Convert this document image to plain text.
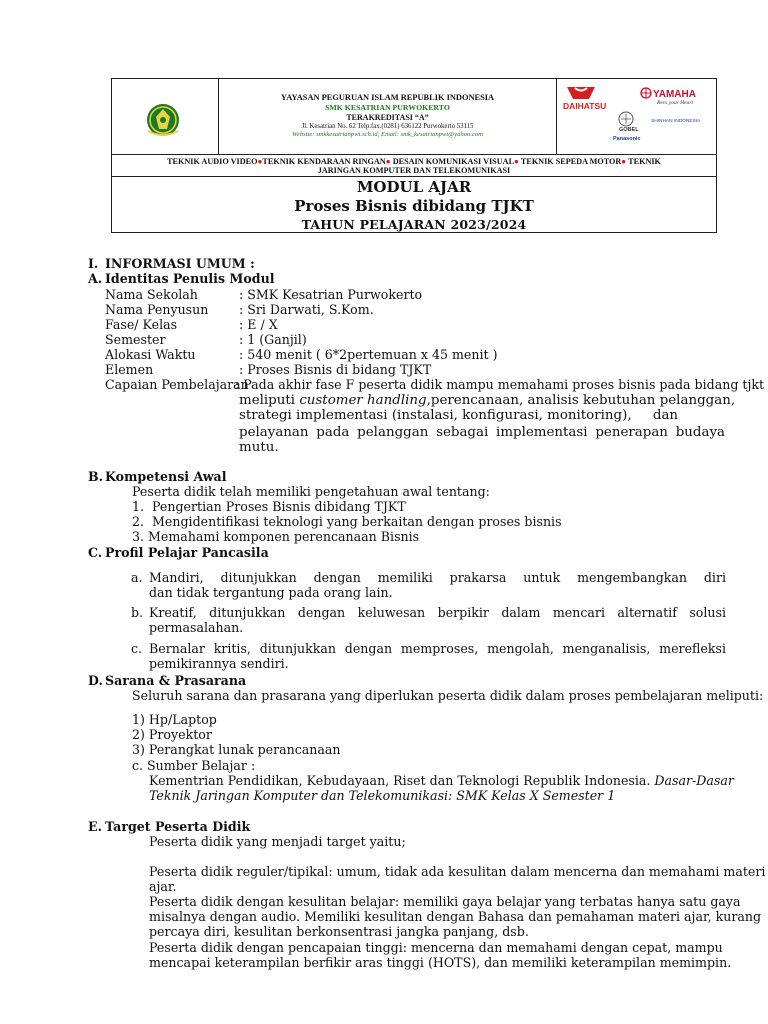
YAYASAN PEGURUAN ISLAM REPUBLIK INDONESIA
SMK KESATRIAN PURWOKERTO
TERAKREDITASI “A”
Jl. Kesatrian No. 62 Telp.fax.(0281) 636122 Purwokerto 53115
Website: smkkesatrianpwt.sch.id, Email: smk_kesatrianpwt@yahoo.com
DAIHATSU
YAMAHA
Revs your Heart
GOBEL
Panasonic
SHINHAN INDONESIA
TEKNIK AUDIO VIDEO●TEKNIK KENDARAAN RINGAN● DESAIN KOMUNIKASI VISUAL● TEKNIK SEPEDA MOTOR● TEKNIK
JARINGAN KOMPUTER DAN TELEKOMUNIKASI
MODUL AJAR
Proses Bisnis dibidang TJKT
TAHUN PELAJARAN 2023/2024
I. INFORMASI UMUM :
A. Identitas Penulis Modul
Nama Sekolah	: SMK Kesatrian Purwokerto
Nama Penyusun : Sri Darwati, S.Kom.
Fase/ Kelas	: E / X
Semester	: 1 (Ganjil)
Alokasi Waktu	: 540 menit ( 6*2pertemuan x 45 menit )
Elemen	: Proses Bisnis di bidang TJKT
Capaian Pembelajaran
: Pada akhir fase F peserta didik mampu memahami proses bisnis pada bidang tjkt
meliputi customer handling,perencanaan, analisis kebutuhan pelanggan,
strategi implementasi (instalasi, konfigurasi, monitoring),     dan
pelayanan pada pelanggan sebagai implementasi penerapan budaya
mutu.
B. Kompetensi Awal
Peserta didik telah memiliki pengetahuan awal tentang:
1.  Pengertian Proses Bisnis dibidang TJKT
2.  Mengidentifikasi teknologi yang berkaitan dengan proses bisnis
3. Memahami komponen perencanaan Bisnis
C. Profil Pelajar Pancasila
a. Mandiri, ditunjukkan dengan memiliki prakarsa untuk mengembangkan diri
dan tidak tergantung pada orang lain.
b. Kreatif, ditunjukkan dengan keluwesan berpikir dalam mencari alternatif solusi
permasalahan.
c. Bernalar kritis, ditunjukkan dengan memproses, mengolah, menganalisis, merefleksi
pemikirannya sendiri.
D. Sarana & Prasarana
Seluruh sarana dan prasarana yang diperlukan peserta didik dalam proses pembelajaran meliputi:
1) Hp/Laptop
2) Proyektor
3) Perangkat lunak perancanaan
c. Sumber Belajar :
Kementrian Pendidikan, Kebudayaan, Riset dan Teknologi Republik Indonesia. Dasar-Dasar
Teknik Jaringan Komputer dan Telekomunikasi: SMK Kelas X Semester 1
E. Target Peserta Didik
Peserta didik yang menjadi target yaitu;
Peserta didik reguler/tipikal: umum, tidak ada kesulitan dalam mencerna dan memahami materi
ajar.
Peserta didik dengan kesulitan belajar: memiliki gaya belajar yang terbatas hanya satu gaya
misalnya dengan audio. Memiliki kesulitan dengan Bahasa dan pemahaman materi ajar, kurang
percaya diri, kesulitan berkonsentrasi jangka panjang, dsb.
Peserta didik dengan pencapaian tinggi: mencerna dan memahami dengan cepat, mampu
mencapai keterampilan berfikir aras tinggi (HOTS), dan memiliki keterampilan memimpin.
